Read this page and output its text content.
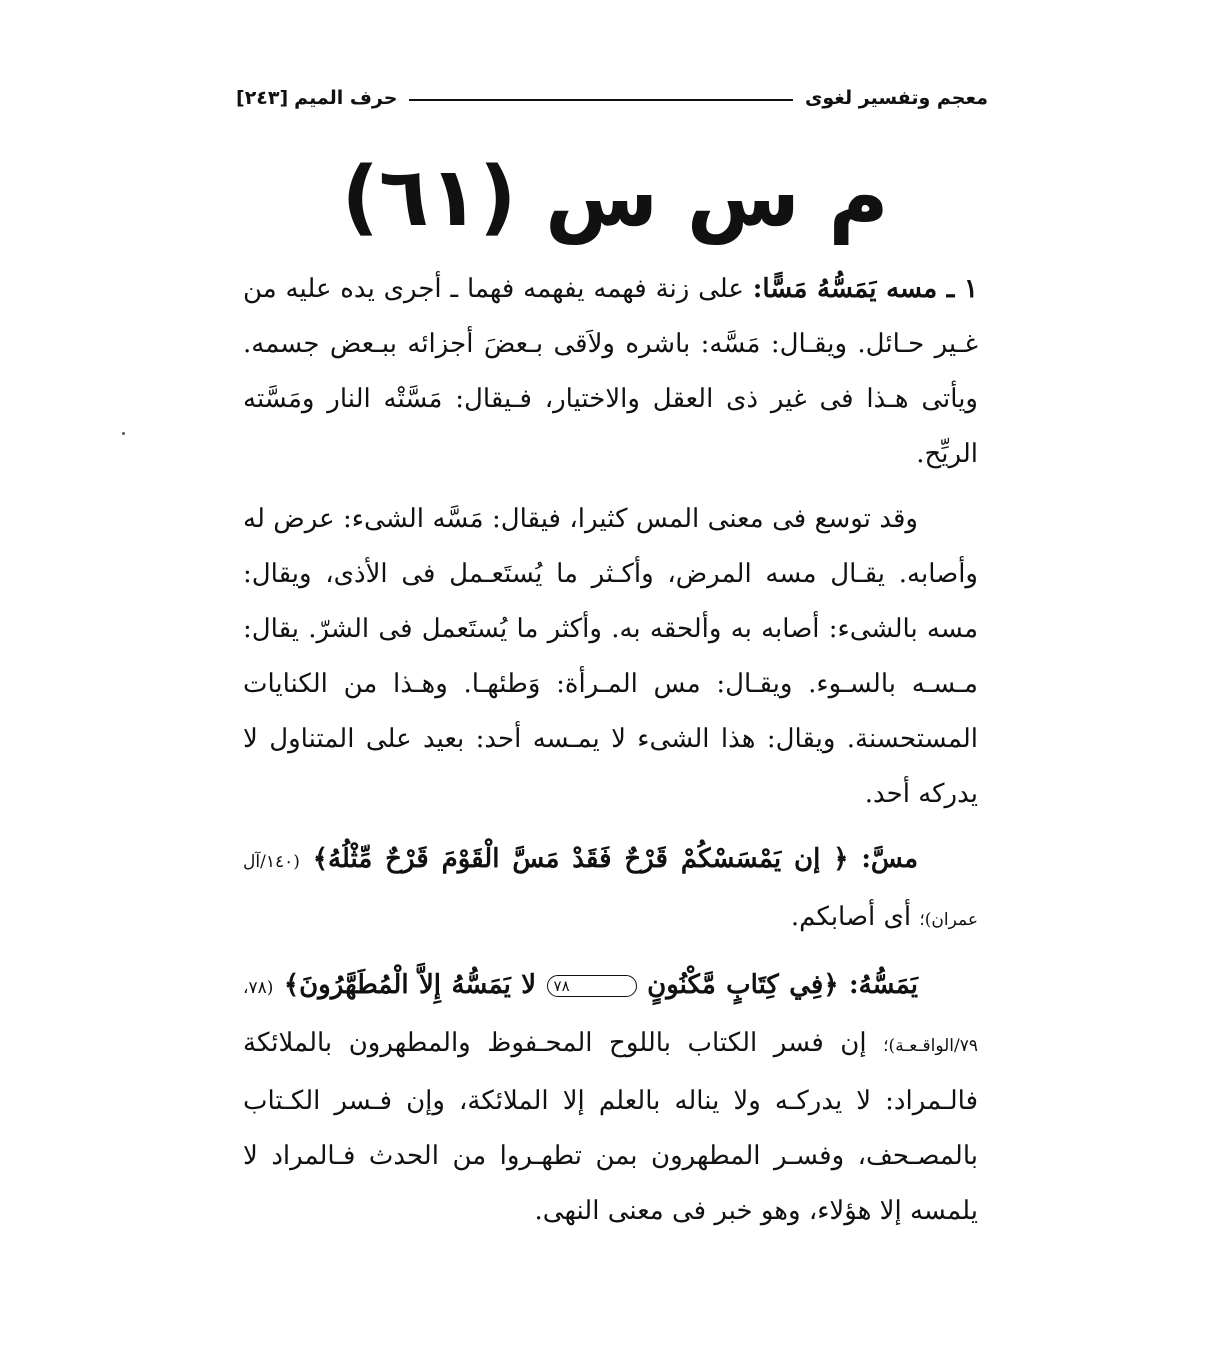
معجم وتفسير لغوى
حرف الميم
[٢٤٣]
م س س (٦١)

١ ـ مسه يَمَسُّهُ مَسًّا: على زنة فهمه يفهمه فهما ـ أجرى يده عليه من غـير حـائل. ويقـال: مَسَّه: باشره ولاَقى بـعضَ أجزائه ببـعض جسمه. ويأتى هـذا فى غير ذى العقل والاختيار، فـيقال: مَسَّتْه النار ومَسَّته الريِّح.

وقد توسع فى معنى المس كثيرا، فيقال: مَسَّه الشىء: عرض له وأصابه. يقـال مسه المرض، وأكـثر ما يُستَعـمل فى الأذى، ويقال: مسه بالشىء: أصابه به وألحقه به. وأكثر ما يُستَعمل فى الشرّ. يقال: مـسـه بالسـوء. ويقـال: مس المـرأة: وَطئهـا. وهـذا من الكنايات المستحسنة. ويقال: هذا الشىء لا يمـسه أحد: بعيد على المتناول لا يدركه أحد.

مسَّ: ﴿ إن يَمْسَسْكُمْ قَرْحٌ فَقَدْ مَسَّ الْقَوْمَ قَرْحٌ مِّثْلُهُ﴾ (١٤٠/آل عمران)؛ أى أصابكم.

يَمَسُّهُ: ﴿فِي كِتَابٍ مَّكْنُونٍ ٧٨ لا يَمَسُّهُ إِلاَّ الْمُطَهَّرُونَ﴾ (٧٨، ٧٩/الواقـعـة)؛ إن فسر الكتاب باللوح المحـفوظ والمطهرون بالملائكة فالـمراد: لا يدركـه ولا يناله بالعلم إلا الملائكة، وإن فـسر الكـتاب بالمصـحف، وفسـر المطهرون بمن تطهـروا من الحدث فـالمراد لا يلمسه إلا هؤلاء، وهو خبر فى معنى النهى.
